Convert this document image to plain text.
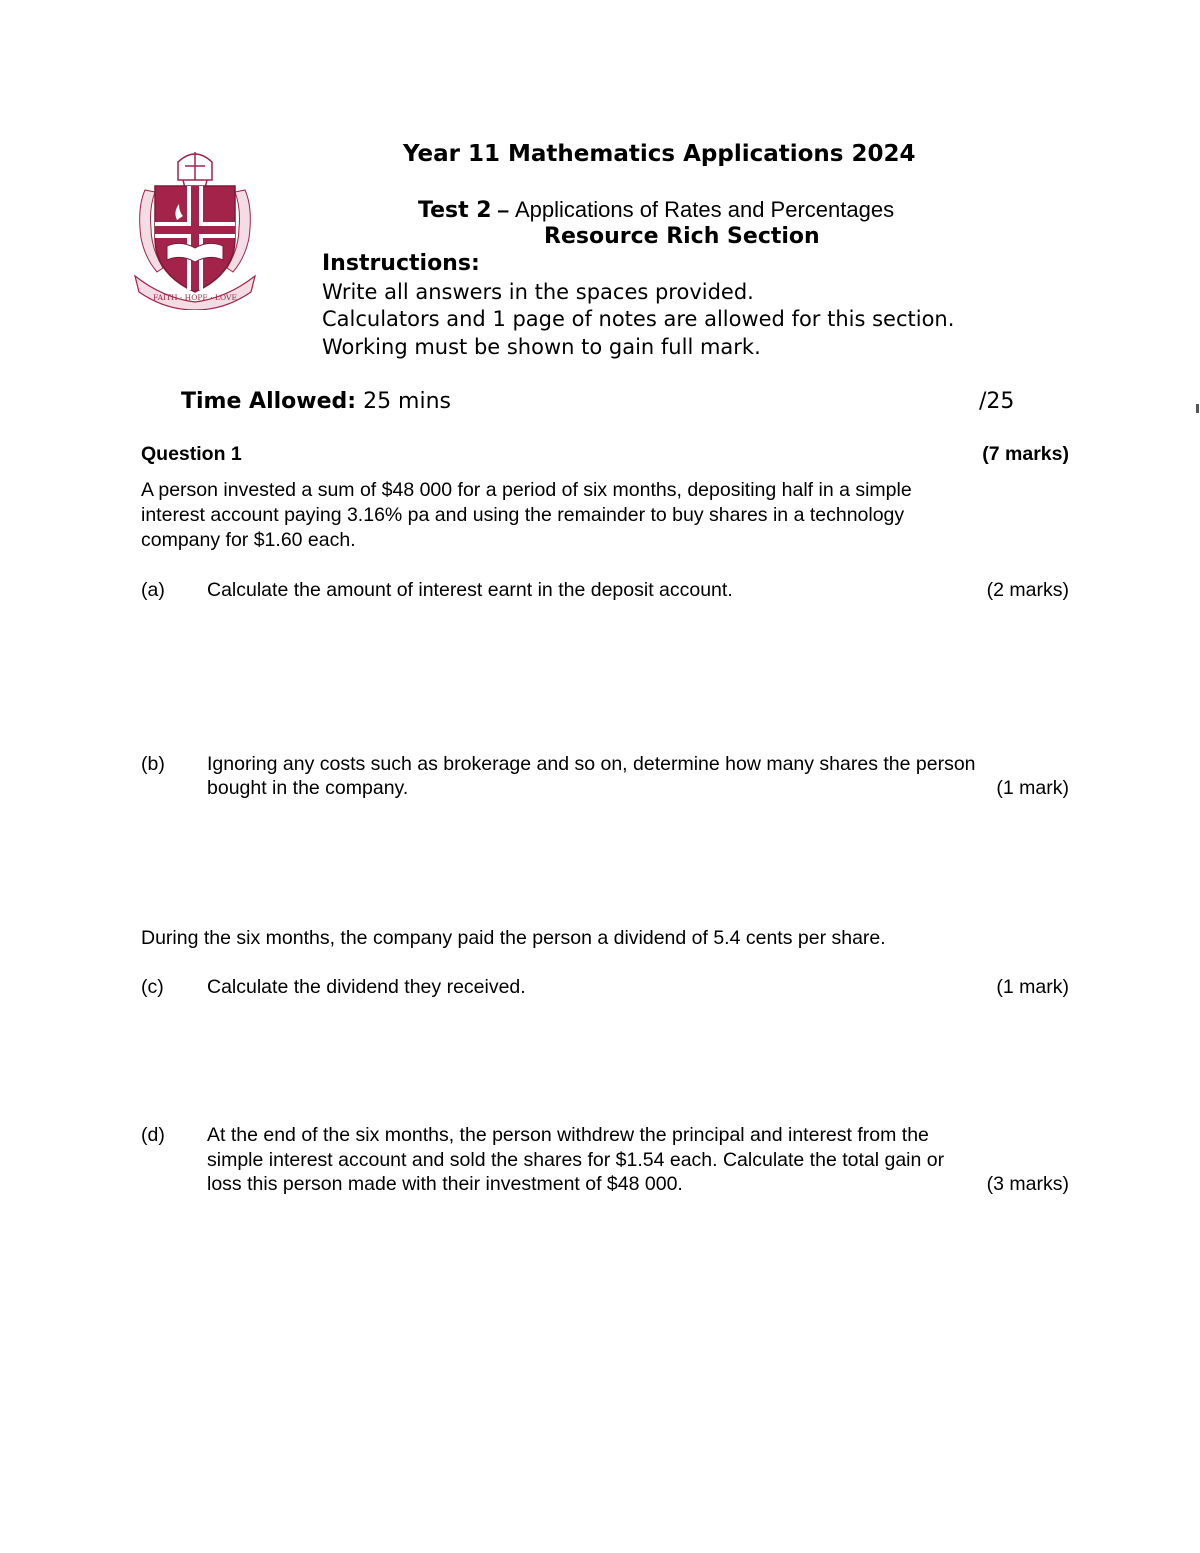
FAITH · HOPE · LOVE
Year 11 Mathematics Applications 2024
Test 2 – Applications of Rates and Percentages
Resource Rich Section
Instructions:
Write all answers in the spaces provided.
Calculators and 1 page of notes are allowed for this section.
Working must be shown to gain full mark.
Time Allowed: 25 mins	/25
Question 1	(7 marks)
A person invested a sum of $48 000 for a period of six months, depositing half in a simple
interest account paying 3.16% pa and using the remainder to buy shares in a technology
company for $1.60 each.
(a) Calculate the amount of interest earnt in the deposit account.	(2 marks)
(b) Ignoring any costs such as brokerage and so on, determine how many shares the person
bought in the company.	(1 mark)
During the six months, the company paid the person a dividend of 5.4 cents per share.
(c) Calculate the dividend they received.	(1 mark)
(d) At the end of the six months, the person withdrew the principal and interest from the
simple interest account and sold the shares for $1.54 each. Calculate the total gain or
loss this person made with their investment of $48 000.	(3 marks)
